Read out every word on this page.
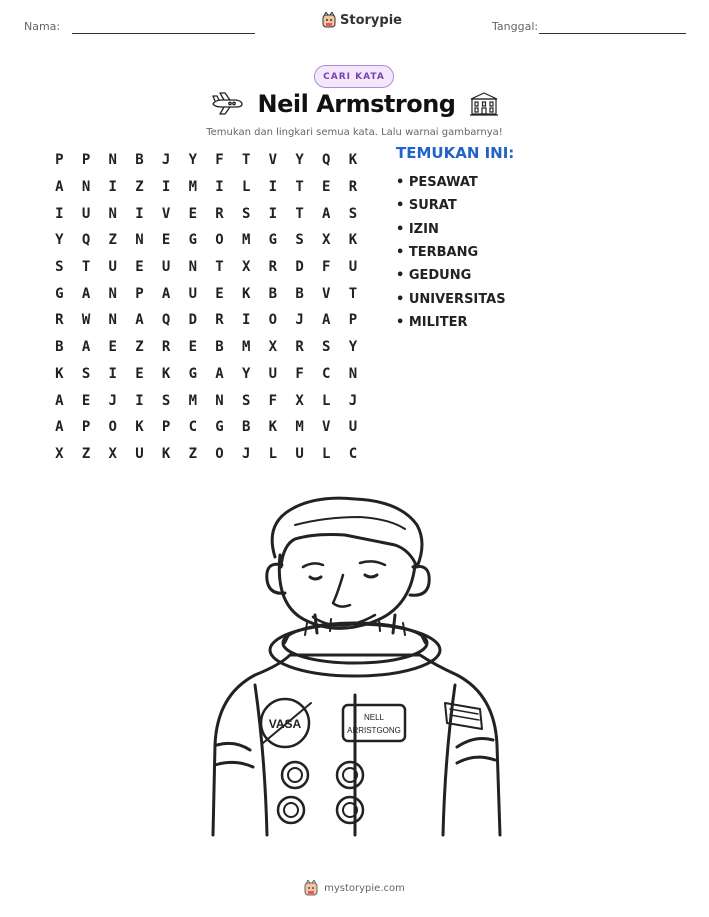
Nama:	Storypie	Tanggal:
CARI KATA
Neil Armstrong
Temukan dan lingkari semua kata. Lalu warnai gambarnya!
P	P	N	B	J	Y	F	T	V	Y	Q	K
A	N	I	Z	I	M	I	L	I	T	E	R
I	U	N	I	V	E	R	S	I	T	A	S
Y	Q	Z	N	E	G	O	M	G	S	X	K
S	T	U	E	U	N	T	X	R	D	F	U
G	A	N	P	A	U	E	K	B	B	V	T
R	W	N	A	Q	D	R	I	O	J	A	P
B	A	E	Z	R	E	B	M	X	R	S	Y
K	S	I	E	K	G	A	Y	U	F	C	N
A	E	J	I	S	M	N	S	F	X	L	J
A	P	O	K	P	C	G	B	K	M	V	U
X	Z	X	U	K	Z	O	J	L	U	L	C
TEMUKAN INI:
• PESAWAT
• SURAT
• IZIN
• TERBANG
• GEDUNG
• UNIVERSITAS
• MILITER
VASA	NELL
ARRISTGONG
mystorypie.com
